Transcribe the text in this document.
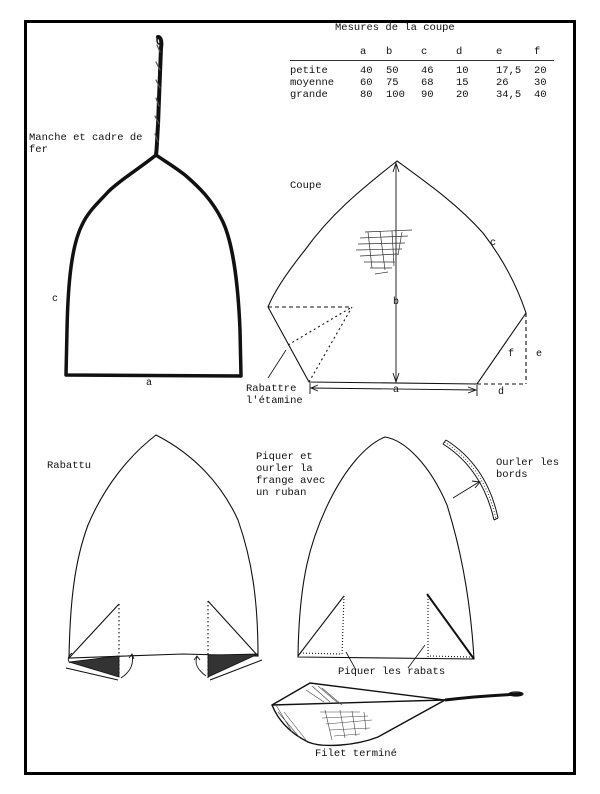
Mesures de la coupe
	a	b	c	d	e	f
petite	40	50	46	10	17,5	20
moyenne	60	75	68	15	26	30
grande	80	100	90	20	34,5	40
Manche et cadre de
fer
c
a
Coupe
b
c
a	d
e
f
Rabattre
l'étamine
Rabattu
Piquer et
ourler la
frange avec
un ruban
Ourler les
bords
Piquer les rabats
Filet terminé
